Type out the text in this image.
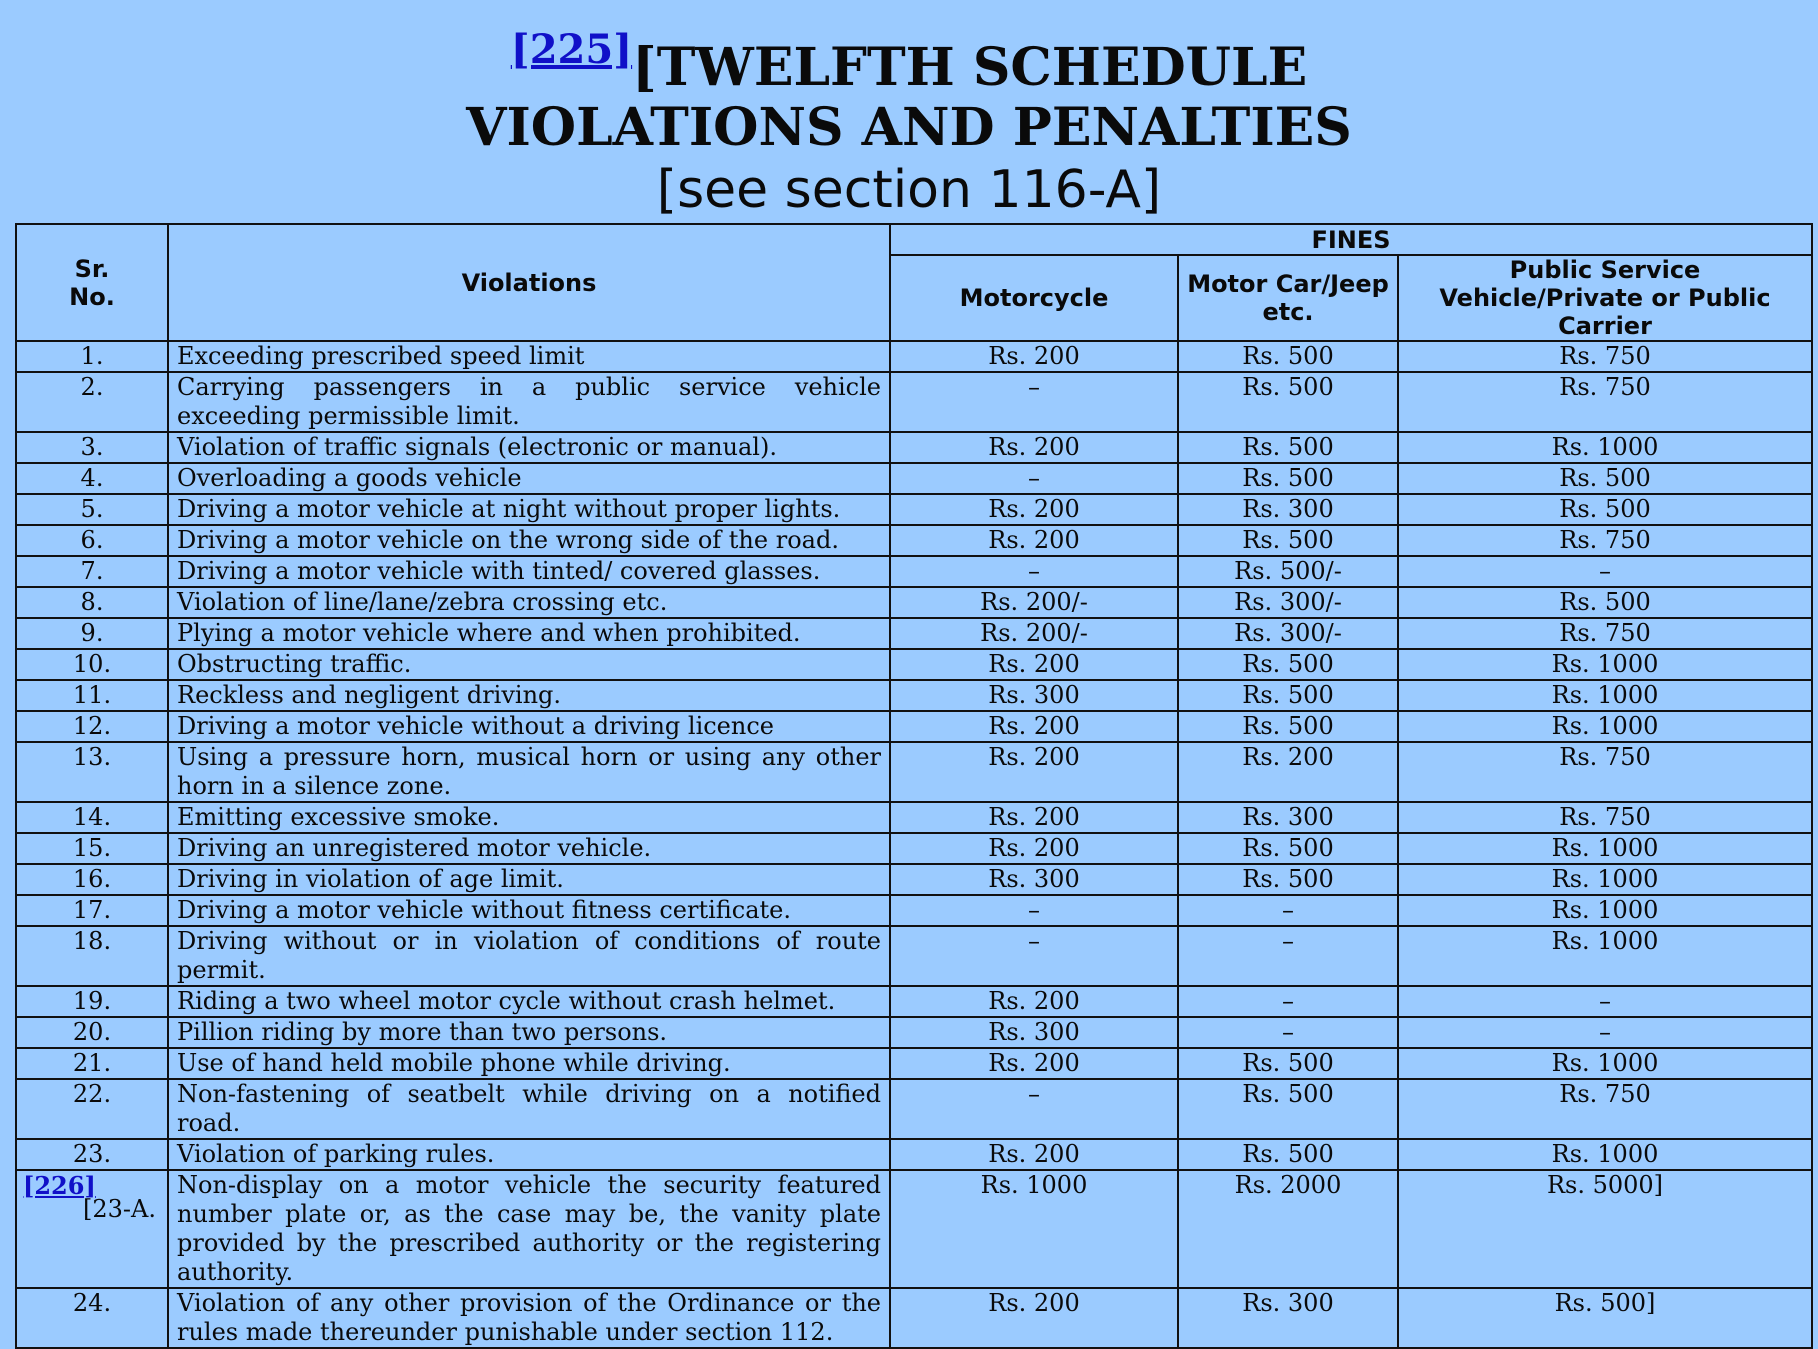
[225][TWELFTH SCHEDULE
VIOLATIONS AND PENALTIES
[see section 116-A]
Sr. No.	Violations	FINES		
		Motorcycle	Motor Car/Jeep etc.	Public Service Vehicle/Private or Public Carrier
1.	Exceeding prescribed speed limit	Rs. 200	Rs. 500	Rs. 750
2.	Carrying passengers in a public service vehicle exceeding permissible limit.	–	Rs. 500	Rs. 750
3.	Violation of traffic signals (electronic or manual).	Rs. 200	Rs. 500	Rs. 1000
4.	Overloading a goods vehicle	–	Rs. 500	Rs. 500
5.	Driving a motor vehicle at night without proper lights.	Rs. 200	Rs. 300	Rs. 500
6.	Driving a motor vehicle on the wrong side of the road.	Rs. 200	Rs. 500	Rs. 750
7.	Driving a motor vehicle with tinted/ covered glasses.	–	Rs. 500/-	–
8.	Violation of line/lane/zebra crossing etc.	Rs. 200/-	Rs. 300/-	Rs. 500
9.	Plying a motor vehicle where and when prohibited.	Rs. 200/-	Rs. 300/-	Rs. 750
10.	Obstructing traffic.	Rs. 200	Rs. 500	Rs. 1000
11.	Reckless and negligent driving.	Rs. 300	Rs. 500	Rs. 1000
12.	Driving a motor vehicle without a driving licence	Rs. 200	Rs. 500	Rs. 1000
13.	Using a pressure horn, musical horn or using any other horn in a silence zone.	Rs. 200	Rs. 200	Rs. 750
14.	Emitting excessive smoke.	Rs. 200	Rs. 300	Rs. 750
15.	Driving an unregistered motor vehicle.	Rs. 200	Rs. 500	Rs. 1000
16.	Driving in violation of age limit.	Rs. 300	Rs. 500	Rs. 1000
17.	Driving a motor vehicle without fitness certificate.	–	–	Rs. 1000
18.	Driving without or in violation of conditions of route permit.	–	–	Rs. 1000
19.	Riding a two wheel motor cycle without crash helmet.	Rs. 200	–	–
20.	Pillion riding by more than two persons.	Rs. 300	–	–
21.	Use of hand held mobile phone while driving.	Rs. 200	Rs. 500	Rs. 1000
22.	Non-fastening of seatbelt while driving on a notified road.	–	Rs. 500	Rs. 750
23.	Violation of parking rules.	Rs. 200	Rs. 500	Rs. 1000
[226]
[23-A.	Non-display on a motor vehicle the security featured number plate or, as the case may be, the vanity plate provided by the prescribed authority or the registering authority.	Rs. 1000	Rs. 2000	Rs. 5000]
24.	Violation of any other provision of the Ordinance or the rules made thereunder punishable under section 112.	Rs. 200	Rs. 300	Rs. 500]
